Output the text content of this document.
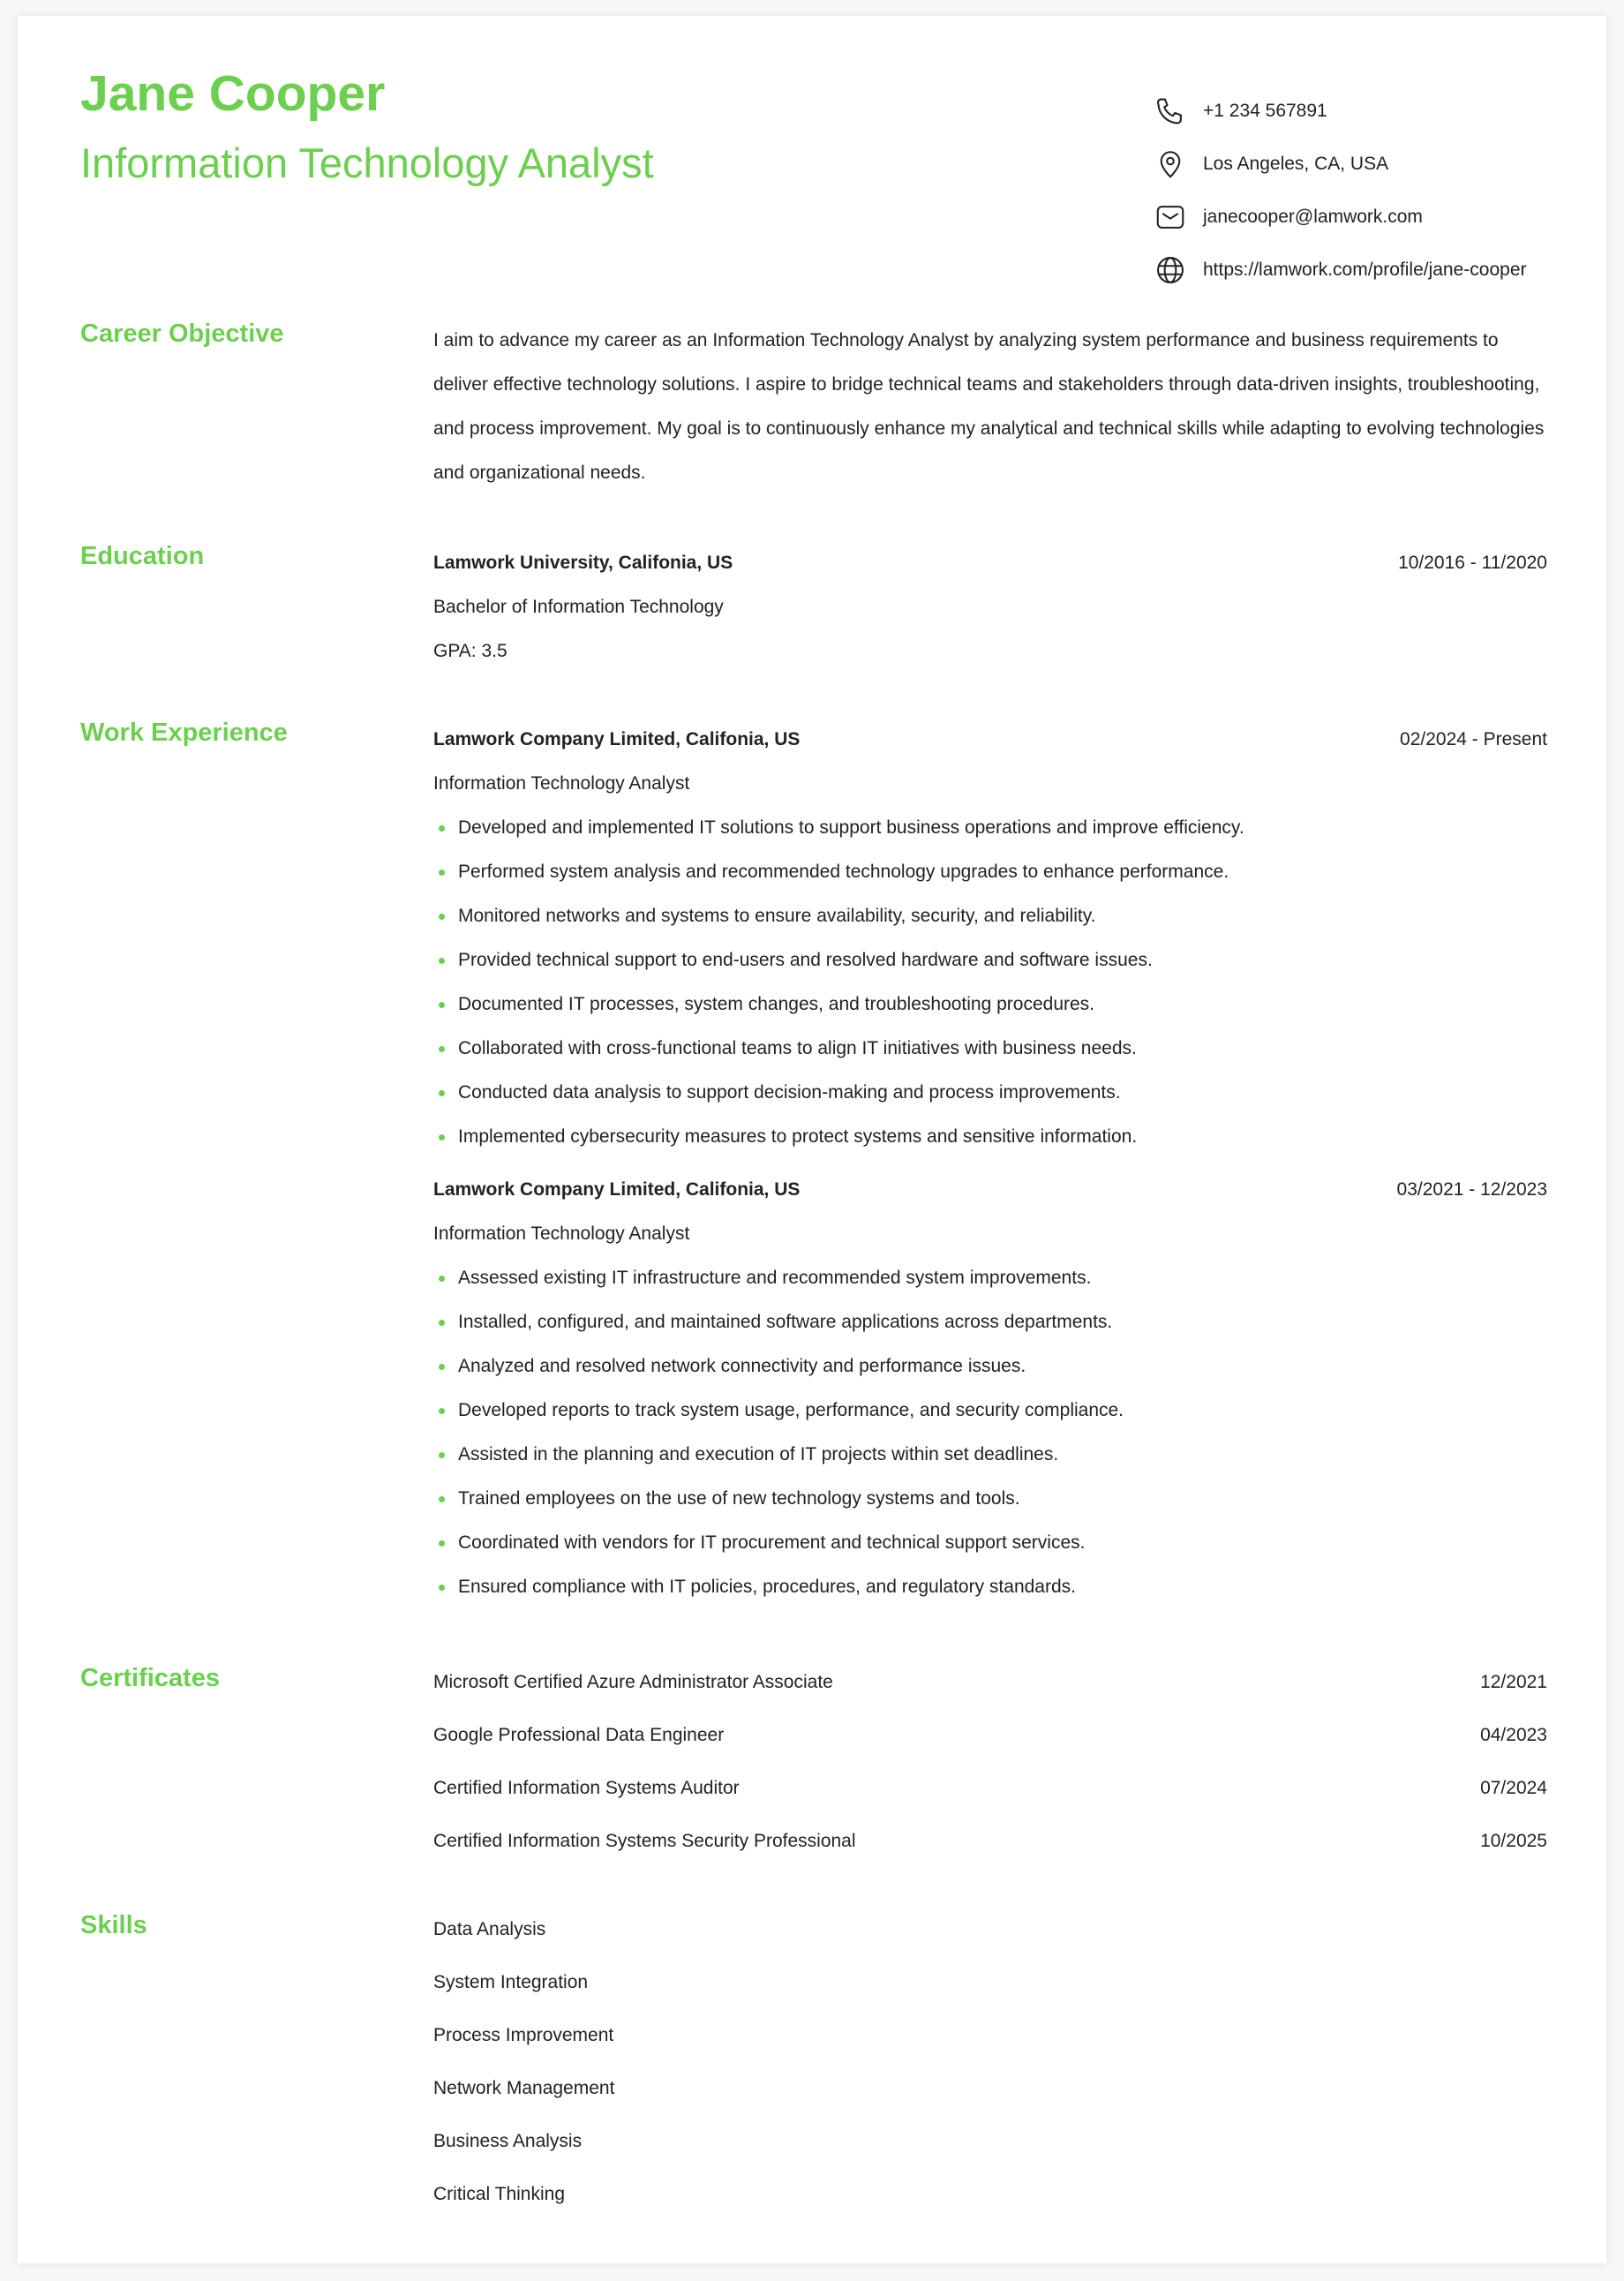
Jane Cooper
Information Technology Analyst
+1 234 567891
Los Angeles, CA, USA
janecooper@lamwork.com
https://lamwork.com/profile/jane-cooper
Career Objective	I aim to advance my career as an Information Technology Analyst by analyzing system performance and business requirements to deliver effective technology solutions. I aspire to bridge technical teams and stakeholders through data-driven insights, troubleshooting, and process improvement. My goal is to continuously enhance my analytical and technical skills while adapting to evolving technologies and organizational needs.

Education	Lamwork University, Califonia, US	10/2016 - 11/2020
Bachelor of Information Technology
GPA: 3.5
Work Experience	Lamwork Company Limited, Califonia, US	02/2024 - Present
Information Technology Analyst
Developed and implemented IT solutions to support business operations and improve efficiency.
Performed system analysis and recommended technology upgrades to enhance performance.
Monitored networks and systems to ensure availability, security, and reliability.
Provided technical support to end-users and resolved hardware and software issues.
Documented IT processes, system changes, and troubleshooting procedures.
Collaborated with cross-functional teams to align IT initiatives with business needs.
Conducted data analysis to support decision-making and process improvements.
Implemented cybersecurity measures to protect systems and sensitive information.
Lamwork Company Limited, Califonia, US	03/2021 - 12/2023
Information Technology Analyst
Assessed existing IT infrastructure and recommended system improvements.
Installed, configured, and maintained software applications across departments.
Analyzed and resolved network connectivity and performance issues.
Developed reports to track system usage, performance, and security compliance.
Assisted in the planning and execution of IT projects within set deadlines.
Trained employees on the use of new technology systems and tools.
Coordinated with vendors for IT procurement and technical support services.
Ensured compliance with IT policies, procedures, and regulatory standards.
Certificates	Microsoft Certified Azure Administrator Associate	12/2021
Google Professional Data Engineer	04/2023
Certified Information Systems Auditor	07/2024
Certified Information Systems Security Professional	10/2025
Skills	Data Analysis
System Integration
Process Improvement
Network Management
Business Analysis
Critical Thinking
